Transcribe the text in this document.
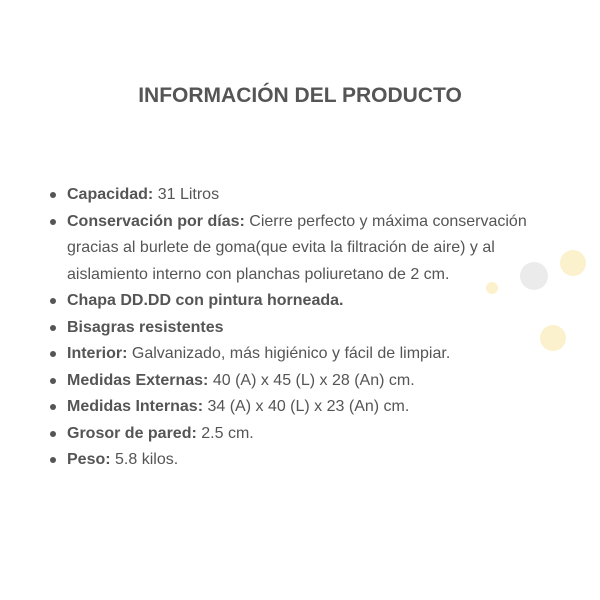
INFORMACIÓN DEL PRODUCTO
Capacidad: 31 Litros
Conservación por días: Cierre perfecto y máxima conservación gracias al burlete de goma(que evita la filtración de aire) y al aislamiento interno con planchas poliuretano de 2 cm.
Chapa DD.DD con pintura horneada.
Bisagras resistentes
Interior: Galvanizado, más higiénico y fácil de limpiar.
Medidas Externas: 40 (A) x 45 (L) x 28 (An) cm.
Medidas Internas: 34 (A) x 40 (L) x 23 (An) cm.
Grosor de pared: 2.5 cm.
Peso: 5.8 kilos.
